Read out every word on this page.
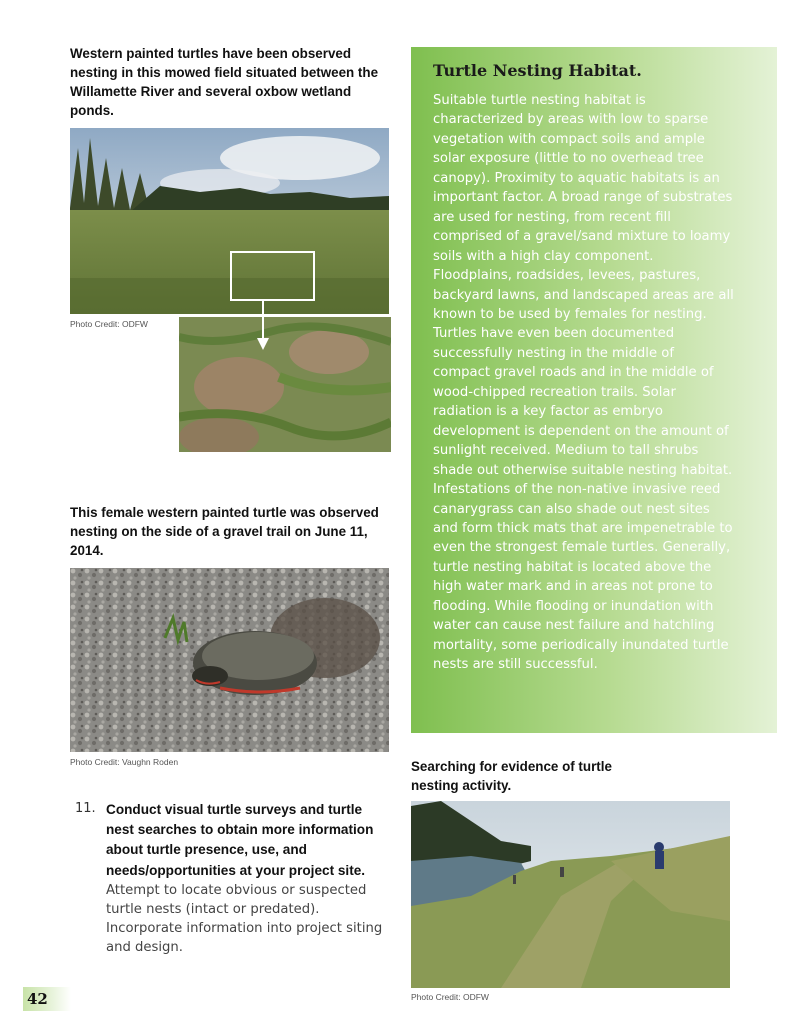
Western painted turtles have been observed nesting in this mowed field situated between the Willamette River and several oxbow wetland ponds.
Photo Credit: ODFW
This female western painted turtle was observed nesting on the side of a gravel trail on June 11, 2014.
Photo Credit: Vaughn Roden
11. Conduct visual turtle surveys and turtle nest searches to obtain more information about turtle presence, use, and needs/opportunities at your project site. Attempt to locate obvious or suspected turtle nests (intact or predated). Incorporate information into project siting and design.
Turtle Nesting Habitat.
Suitable turtle nesting habitat is characterized by areas with low to sparse vegetation with compact soils and ample solar exposure (little to no overhead tree canopy). Proximity to aquatic habitats is an important factor. A broad range of substrates are used for nesting, from recent fill comprised of a gravel/sand mixture to loamy soils with a high clay component. Floodplains, roadsides, levees, pastures, backyard lawns, and landscaped areas are all known to be used by females for nesting. Turtles have even been documented successfully nesting in the middle of compact gravel roads and in the middle of wood-chipped recreation trails. Solar radiation is a key factor as embryo development is dependent on the amount of sunlight received. Medium to tall shrubs shade out otherwise suitable nesting habitat. Infestations of the non-native invasive reed canarygrass can also shade out nest sites and form thick mats that are impenetrable to even the strongest female turtles. Generally, turtle nesting habitat is located above the high water mark and in areas not prone to flooding. While flooding or inundation with water can cause nest failure and hatchling mortality, some periodically inundated turtle nests are still successful.
Searching for evidence of turtle nesting activity.
Photo Credit: ODFW
42
